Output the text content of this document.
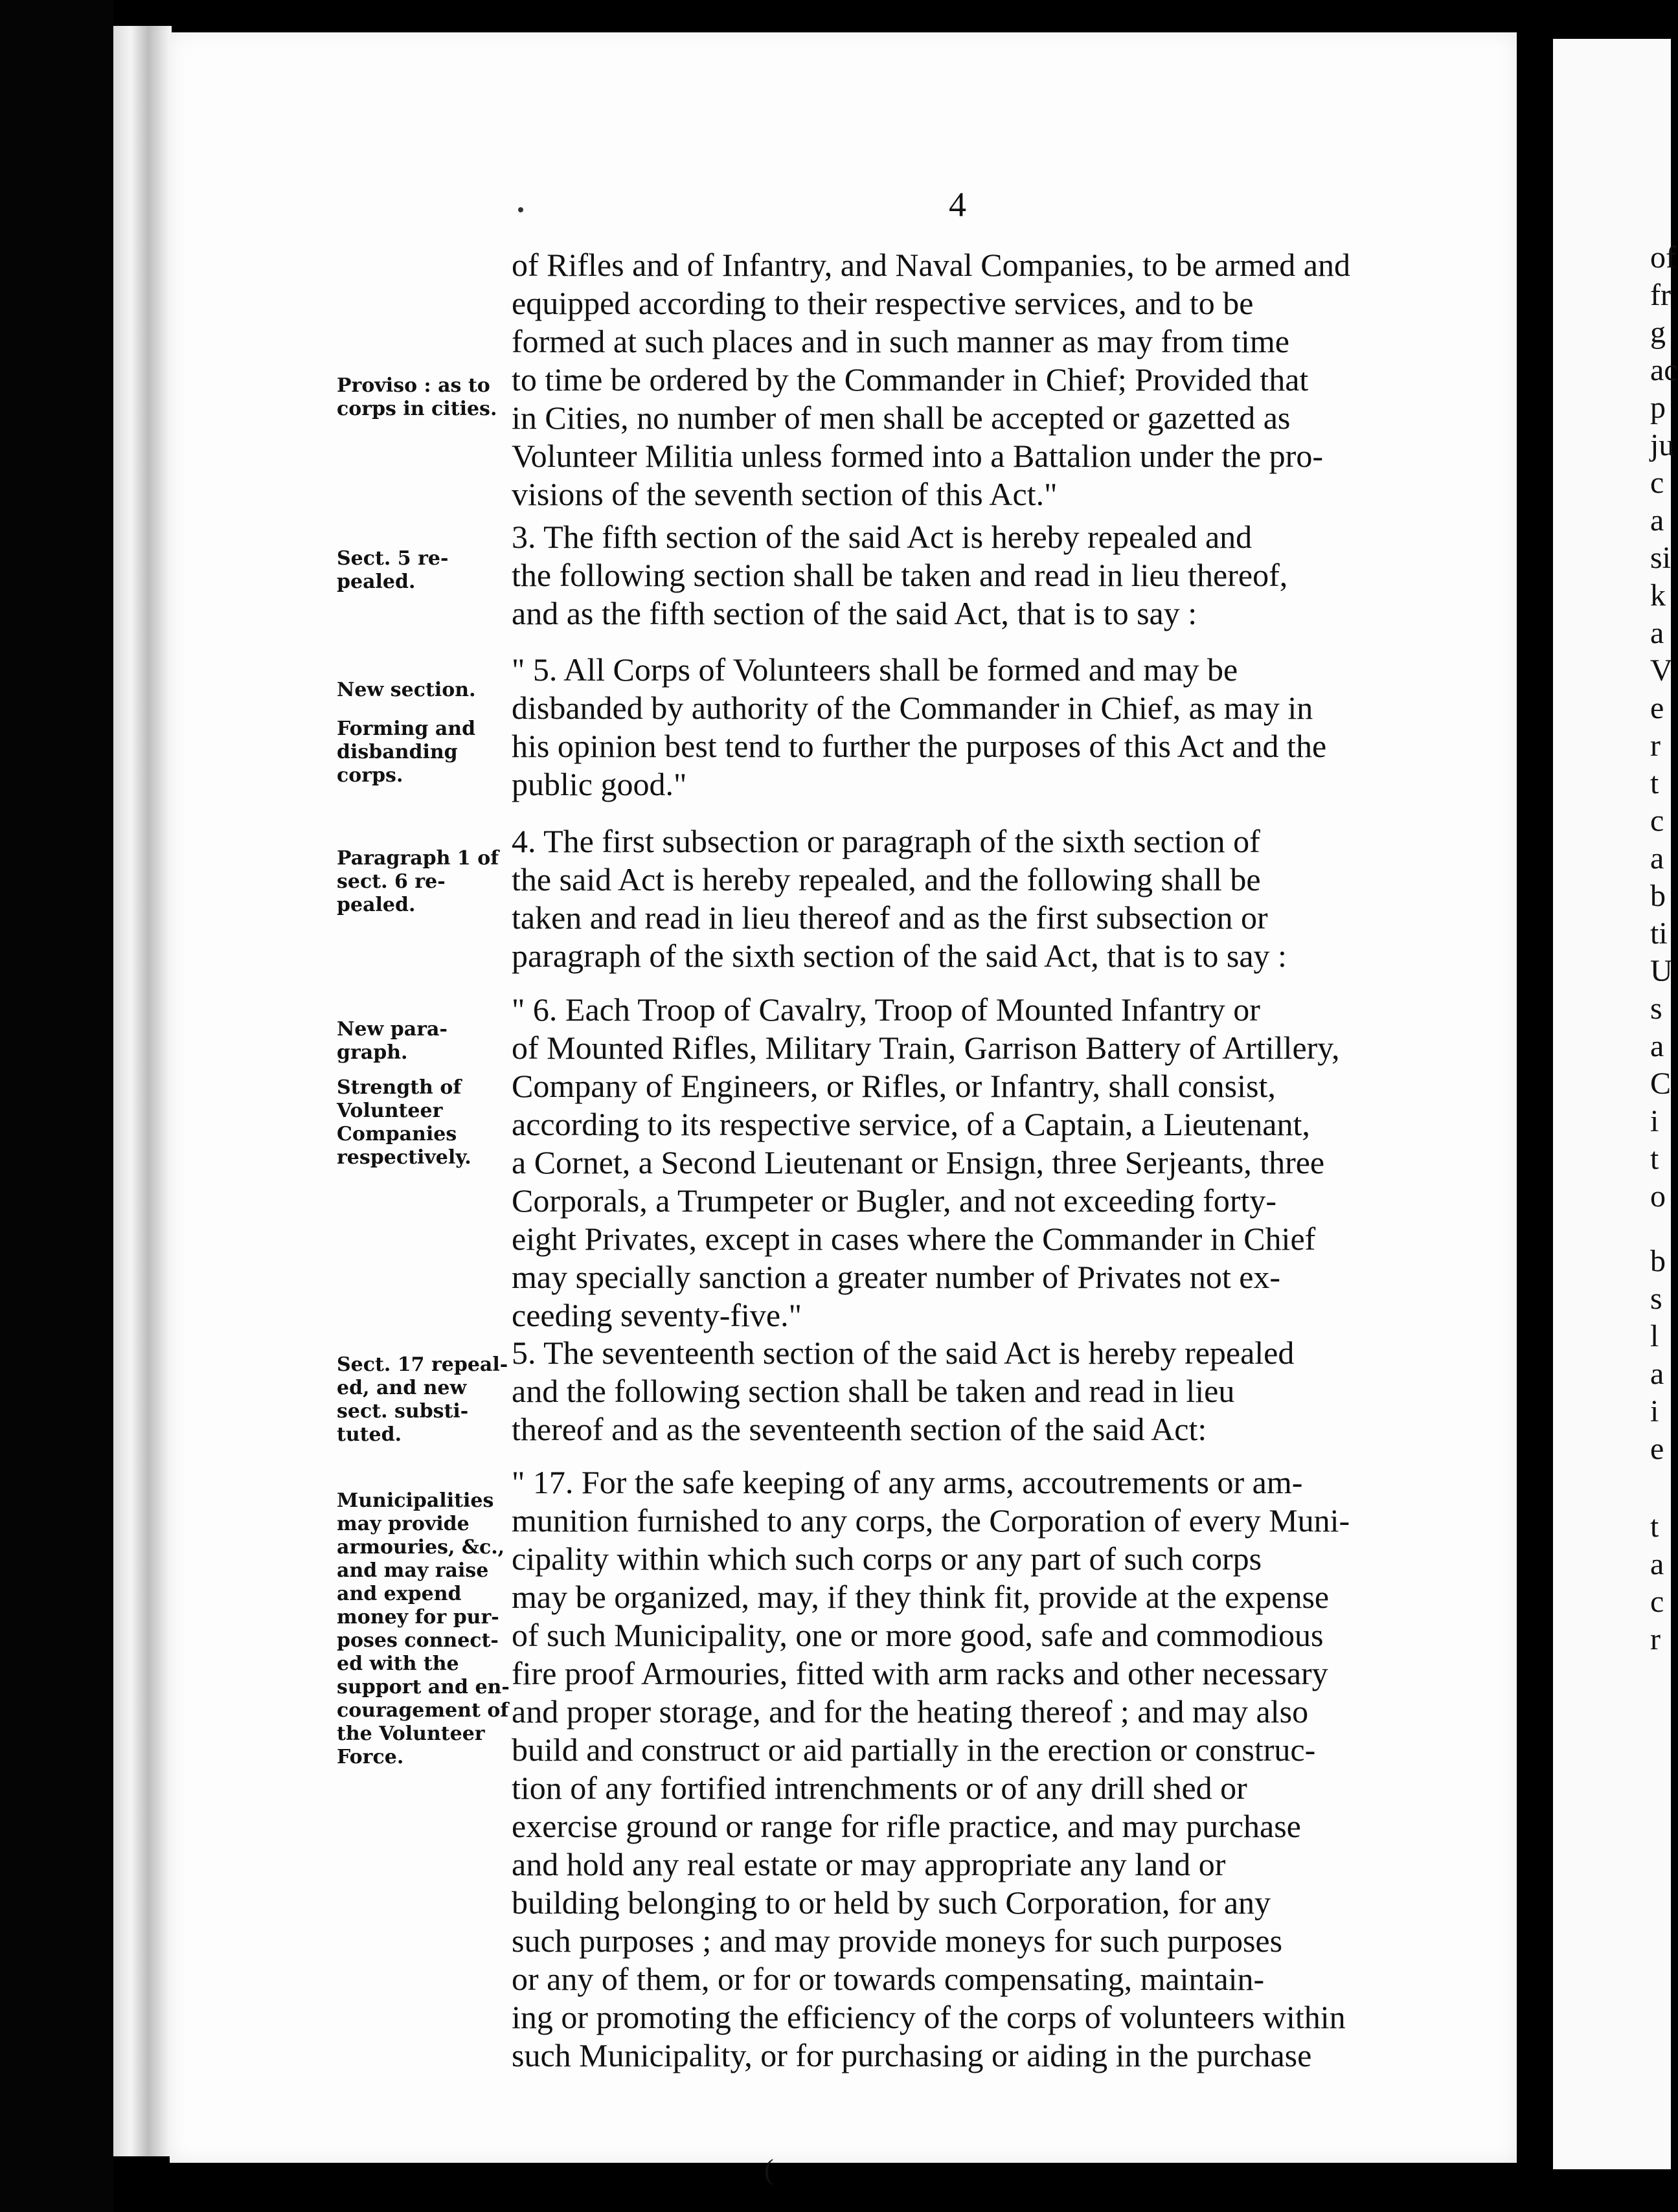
4
Proviso : as to
corps in cities.
Sect. 5 re-
pealed.
New section.
Forming and
disbanding
corps.
Paragraph 1 of
sect. 6 re-
pealed.
New para-
graph.
Strength of
Volunteer
Companies
respectively.
Sect. 17 repeal-
ed, and new
sect. substi-
tuted.
Municipalities
may provide
armouries, &c.,
and may raise
and expend
money for pur-
poses connect-
ed with the
support and en-
couragement of
the Volunteer
Force.
of Rifles and of Infantry, and Naval Companies, to be armed and
equipped according to their respective services, and to be
formed at such places and in such manner as may from time
to time be ordered by the Commander in Chief; Provided that
in Cities, no number of men shall be accepted or gazetted as
Volunteer Militia unless formed into a Battalion under the pro-
visions of the seventh section of this Act."
3. The fifth section of the said Act is hereby repealed and
the following section shall be taken and read in lieu thereof,
and as the fifth section of the said Act, that is to say :
" 5. All Corps of Volunteers shall be formed and may be
disbanded by authority of the Commander in Chief, as may in
his opinion best tend to further the purposes of this Act and the
public good."
4. The first subsection or paragraph of the sixth section of
the said Act is hereby repealed, and the following shall be
taken and read in lieu thereof and as the first subsection or
paragraph of the sixth section of the said Act, that is to say :
" 6. Each Troop of Cavalry, Troop of Mounted Infantry or
of Mounted Rifles, Military Train, Garrison Battery of Artillery,
Company of Engineers, or Rifles, or Infantry, shall consist,
according to its respective service, of a Captain, a Lieutenant,
a Cornet, a Second Lieutenant or Ensign, three Serjeants, three
Corporals, a Trumpeter or Bugler, and not exceeding forty-
eight Privates, except in cases where the Commander in Chief
may specially sanction a greater number of Privates not ex-
ceeding seventy-five."
5. The seventeenth section of the said Act is hereby repealed
and the following section shall be taken and read in lieu
thereof and as the seventeenth section of the said Act:
" 17. For the safe keeping of any arms, accoutrements or am-
munition furnished to any corps, the Corporation of every Muni-
cipality within which such corps or any part of such corps
may be organized, may, if they think fit, provide at the expense
of such Municipality, one or more good, safe and commodious
fire proof Armouries, fitted with arm racks and other necessary
and proper storage, and for the heating thereof ; and may also
build and construct or aid partially in the erection or construc-
tion of any fortified intrenchments or of any drill shed or
exercise ground or range for rifle practice, and may purchase
and hold any real estate or may appropriate any land or
building belonging to or held by such Corporation, for any
such purposes ; and may provide moneys for such purposes
or any of them, or for or towards compensating, maintain-
ing or promoting the efficiency of the corps of volunteers within
such Municipality, or for purchasing or aiding in the purchase
(
of
fr
g
ac
p
ju
c
a
si
k
a
V
e
r
t
c
a
b
ti
U
s
a
C
i
t
o
b
s
l
a
i
e
t
a
c
r
